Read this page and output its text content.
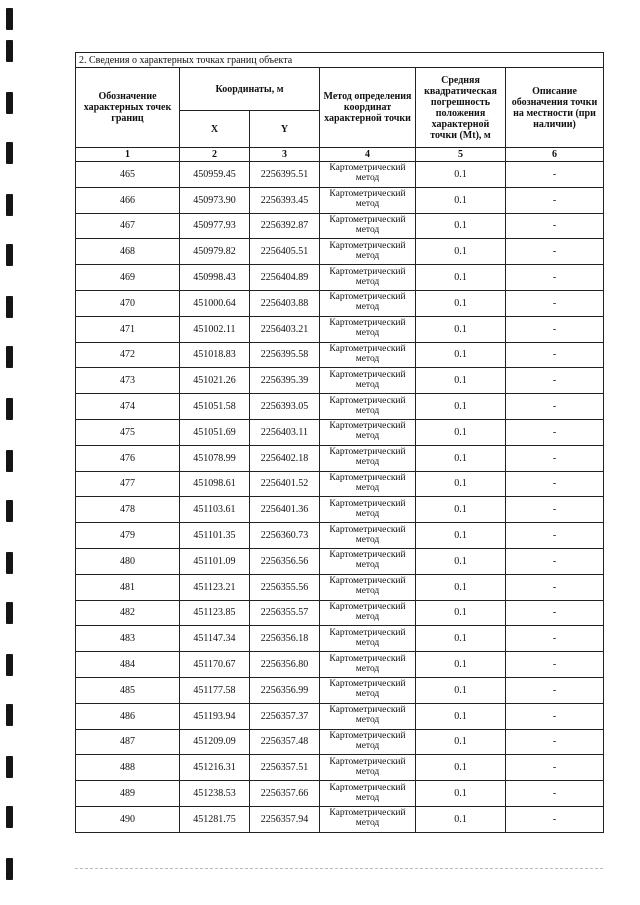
2. Сведения о характерных точках границ объекта					
Обозначение характерных точек границ	Координаты, м		Метод определения координат характерной точки	Средняя квадратическая погрешность положения характерной точки (Mt), м	Описание обозначения точки на местности (при наличии)
	X	Y			
1	2	3	4	5	6
465	450959.45	2256395.51	Картометрический метод	0.1	-
466	450973.90	2256393.45	Картометрический метод	0.1	-
467	450977.93	2256392.87	Картометрический метод	0.1	-
468	450979.82	2256405.51	Картометрический метод	0.1	-
469	450998.43	2256404.89	Картометрический метод	0.1	-
470	451000.64	2256403.88	Картометрический метод	0.1	-
471	451002.11	2256403.21	Картометрический метод	0.1	-
472	451018.83	2256395.58	Картометрический метод	0.1	-
473	451021.26	2256395.39	Картометрический метод	0.1	-
474	451051.58	2256393.05	Картометрический метод	0.1	-
475	451051.69	2256403.11	Картометрический метод	0.1	-
476	451078.99	2256402.18	Картометрический метод	0.1	-
477	451098.61	2256401.52	Картометрический метод	0.1	-
478	451103.61	2256401.36	Картометрический метод	0.1	-
479	451101.35	2256360.73	Картометрический метод	0.1	-
480	451101.09	2256356.56	Картометрический метод	0.1	-
481	451123.21	2256355.56	Картометрический метод	0.1	-
482	451123.85	2256355.57	Картометрический метод	0.1	-
483	451147.34	2256356.18	Картометрический метод	0.1	-
484	451170.67	2256356.80	Картометрический метод	0.1	-
485	451177.58	2256356.99	Картометрический метод	0.1	-
486	451193.94	2256357.37	Картометрический метод	0.1	-
487	451209.09	2256357.48	Картометрический метод	0.1	-
488	451216.31	2256357.51	Картометрический метод	0.1	-
489	451238.53	2256357.66	Картометрический метод	0.1	-
490	451281.75	2256357.94	Картометрический метод	0.1	-
